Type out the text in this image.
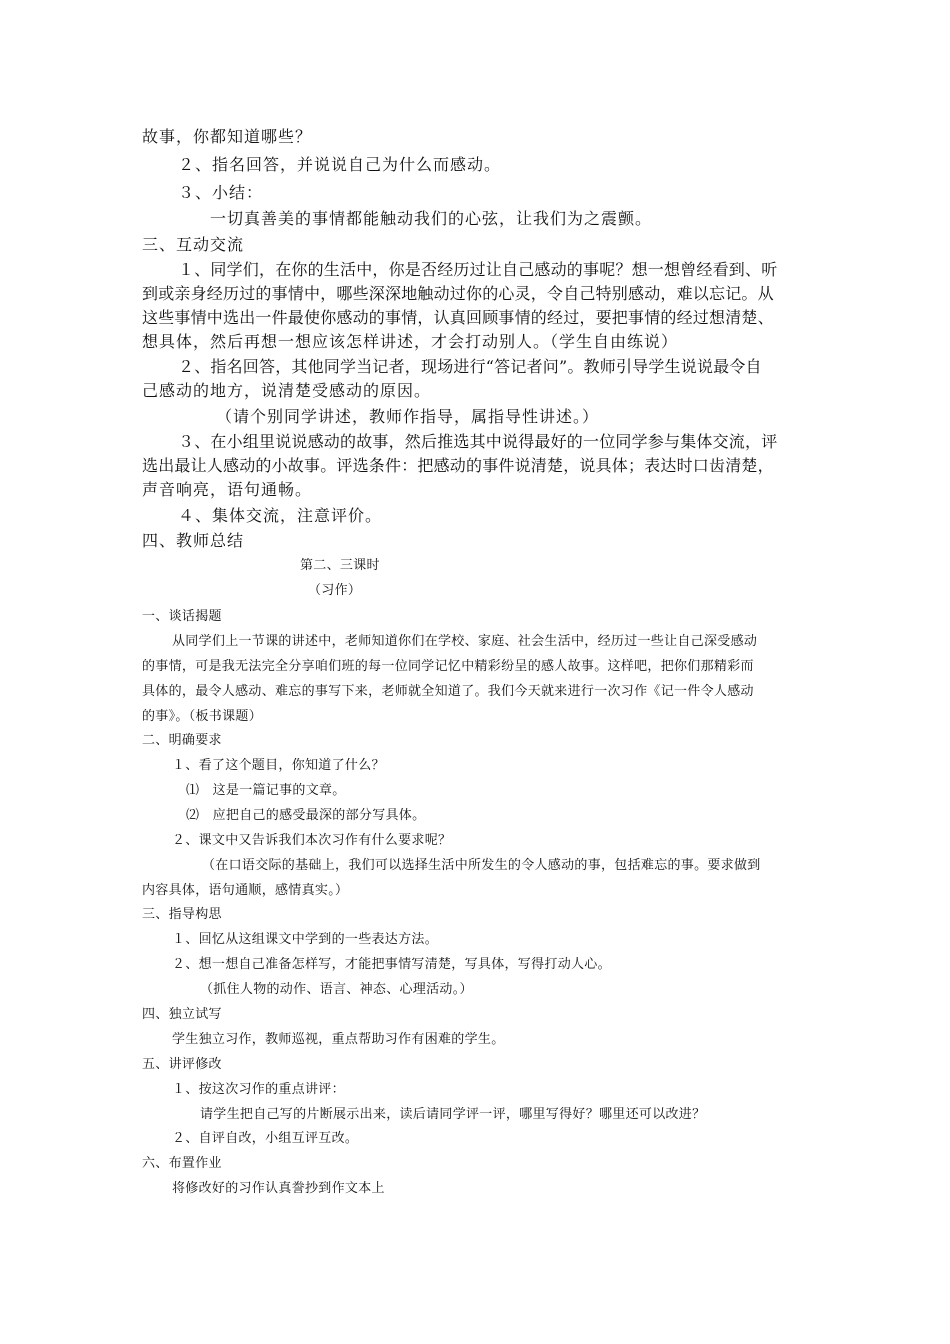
故事，你都知道哪些？

２、指名回答，并说说自己为什么而感动。

３、小结：

一切真善美的事情都能触动我们的心弦，让我们为之震颤。

三、互动交流

１、同学们，在你的生活中，你是否经历过让自己感动的事呢？想一想曾经看到、听

到或亲身经历过的事情中，哪些深深地触动过你的心灵，令自己特别感动，难以忘记。从

这些事情中选出一件最使你感动的事情，认真回顾事情的经过，要把事情的经过想清楚、

想具体，然后再想一想应该怎样讲述，才会打动别人。（学生自由练说）

２、指名回答，其他同学当记者，现场进行“答记者问”。教师引导学生说说最令自

己感动的地方，说清楚受感动的原因。

（请个别同学讲述，教师作指导，属指导性讲述。）

３、在小组里说说感动的故事，然后推选其中说得最好的一位同学参与集体交流，评

选出最让人感动的小故事。评选条件：把感动的事件说清楚，说具体；表达时口齿清楚，

声音响亮，语句通畅。

４、集体交流，注意评价。

四、教师总结

第二、三课时

（习作）

一、谈话揭题

从同学们上一节课的讲述中，老师知道你们在学校、家庭、社会生活中，经历过一些让自己深受感动

的事情，可是我无法完全分享咱们班的每一位同学记忆中精彩纷呈的感人故事。这样吧，把你们那精彩而

具体的，最令人感动、难忘的事写下来，老师就全知道了。我们今天就来进行一次习作《记一件令人感动

的事》。（板书课题）

二、明确要求

１、看了这个题目，你知道了什么？

⑴　这是一篇记事的文章。

⑵　应把自己的感受最深的部分写具体。

２、课文中又告诉我们本次习作有什么要求呢？

（在口语交际的基础上，我们可以选择生活中所发生的令人感动的事，包括难忘的事。要求做到

内容具体，语句通顺，感情真实。）

三、指导构思

１、回忆从这组课文中学到的一些表达方法。

２、想一想自己准备怎样写，才能把事情写清楚，写具体，写得打动人心。

（抓住人物的动作、语言、神态、心理活动。）

四、独立试写

学生独立习作，教师巡视，重点帮助习作有困难的学生。

五、讲评修改

１、按这次习作的重点讲评：

请学生把自己写的片断展示出来，读后请同学评一评，哪里写得好？哪里还可以改进？

２、自评自改，小组互评互改。

六、布置作业

将修改好的习作认真誊抄到作文本上
